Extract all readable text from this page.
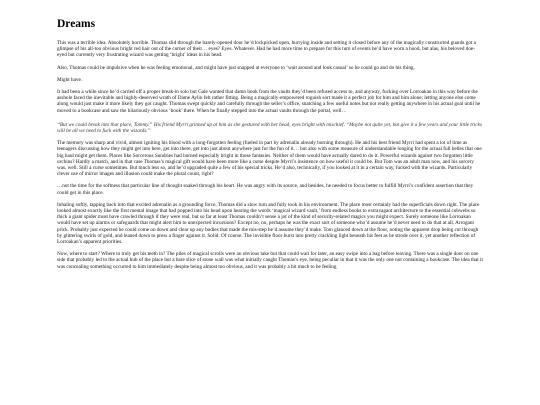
Dreams

This was a terrible idea. Absolutely horrible. Thomas slid through the barely-opened door he’d lockpicked open, hurrying inside and setting it closed before any of the magically constructed guards got a glimpse of his all-too obvious bright red hair out of the corner of their… eyes? Eyes. Whatever. Had he had more time to prepare for this turn of events he’d have worn a hood, but alas, his beloved doe-eyed but currently very frustrating wizard was getting ‘bright’ ideas in his head.

Also, Thomas could be impulsive when he was feeling emotional, and might have just snapped at everyone to ‘wait around and look casual’ so he could go and do his thing.

Might have.

It had been a while since he’d carried off a proper break-in solo but Gale wanted that damn book from the vaults they’d been refused access to, and anyway, fucking over Lorroakan in this way before the asshole faced the inevitable and highly-deserved wrath of Dame Aylin felt rather fitting. Being a magically-empowered roguish sort made it a perfect job for him and him alone; letting anyone else come along would just make it more likely they got caught. Thomas swept quickly and carefully through the seller’s office, snatching a few useful notes but not really getting anywhere in his actual goal until he moved to a bookcase and saw the hilariously obvious ‘book’ there. When he finally stepped into the actual vaults through the portal, well…

“But we could break into that place, Tommy.” His friend Myrri grinned up at him as she gestured with her head, eyes bright with mischief. “Maybe not quite yet, but give it a few years and your little tricks will be all we need to fuck with the wizards.”

The memory was sharp and vivid, almost igniting his blood with a long-forgotten feeling (fueled in part by adrenalin already burning through). He and his best friend Myrri had spent a lot of time as teenagers discussing how they might get into here, get into there, get into just about anywhere just for the fun of it… but also with some measure of understandable longing for the actual full belles that one big haul might get them. Places like Sorcerous Sundries had burned especially bright in those fantasies. Neither of them would have actually dared to do it. Powerful wizards against two forgotten little urchins? Hardly a match, and in that case Thomas’s magical gift would have been more like a curse despite Myrri’s insistence on how useful it could be. But Tom was an adult man now, and his sorcery was, well. Still a curse sometimes. But much less so, and he’d upgraded quite a few of his special tricks. He’d also, technically, if you looked at it in a certain way, fucked with the wizards. Particularly clever use of mirror images and illusion could make the plural count, right?

…not the time for the softness that particular line of thought snaked through his heart. He was angry with its source, and besides, he needed to focus better to fulfill Myrri’s confident assertion that they could get in this place.

Inhaling softly, tapping back into that excited adrenalin as a grounding force, Thomas did a slow turn and fully took in his environment. The place most certainly had the superficials down right. The place looked almost exactly like the first mental image that had popped into his head upon hearing the words ‘magical wizard vault,’ from endless books to extravagant architecture to the essential cobwebs so thick a giant spider must have crawled through if they were real, but so far at least Thomas couldn’t sense a jot of the kind of security-related magics you might expect. Surely someone like Lorroakan would have set up alarms or safeguards that might alert him to unexpected incursions? Except no, no, perhaps he was the exact sort of someone who’d assume he’d never need to do that at all. Arrogant prick. Probably just expected he could come on down and clear up any bodies that made the mis-step he’d assume they’d make. Tom glanced down at the floor, noting the apparent drop being cut through by glittering swirls of gold, and leaned down to press a finger against it. Solid. Of course. The invisible floor burst into pretty crackling light beneath his feet as he strode over it, yet another reflection of Lorroakan’s apparent priorities.

Now, where to start? Where to truly get his teeth in? The piles of magical scrolls were an obvious take but that could wait for later, an easy swipe into a bag before leaving. There was a single door on one side that probably led to the actual hub of the place but a bare slice of stone wall was what initially caught Thomas’s eye, being peculiar in that it was the only one not containing a bookcase. The idea that it was concealing something occurred to him immediately despite being almost too obvious, and it was probably a bit much to be feeling
